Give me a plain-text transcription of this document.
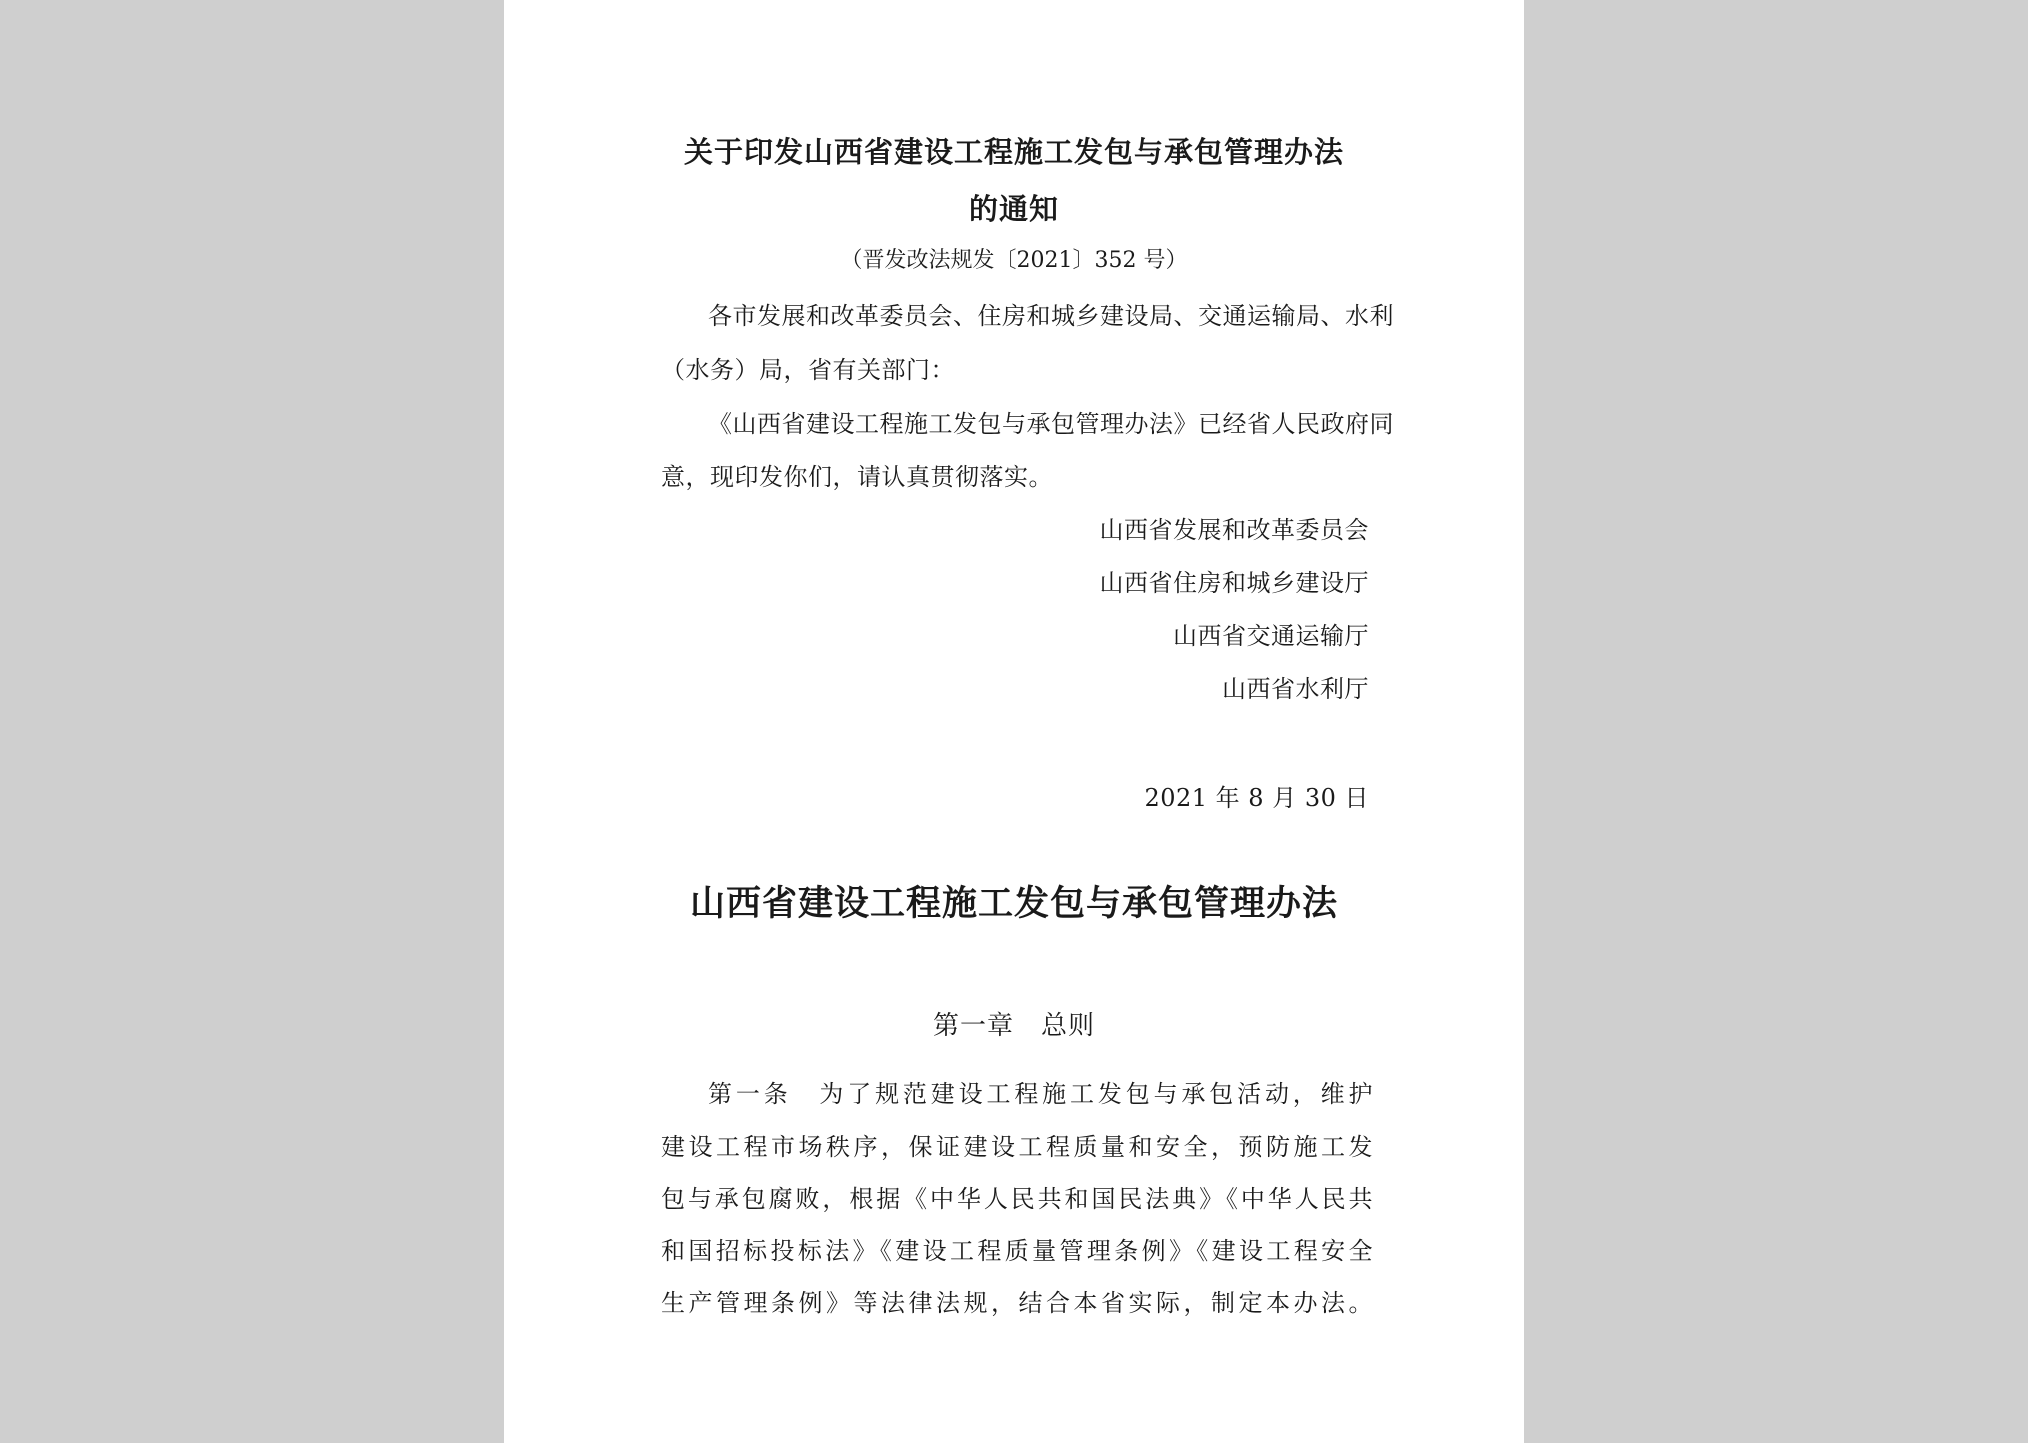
关于印发山西省建设工程施工发包与承包管理办法
的通知
（晋发改法规发〔2021〕352 号）
各市发展和改革委员会、住房和城乡建设局、交通运输局、水利
（水务）局，省有关部门：
《山西省建设工程施工发包与承包管理办法》已经省人民政府同
意，现印发你们，请认真贯彻落实。
山西省发展和改革委员会
山西省住房和城乡建设厅
山西省交通运输厅
山西省水利厅
2021 年 8 月 30 日
山西省建设工程施工发包与承包管理办法
第一章　总则
第一条　为了规范建设工程施工发包与承包活动，维护
建设工程市场秩序，保证建设工程质量和安全，预防施工发
包与承包腐败，根据《中华人民共和国民法典》《中华人民共
和国招标投标法》《建设工程质量管理条例》《建设工程安全
生产管理条例》等法律法规，结合本省实际，制定本办法。
